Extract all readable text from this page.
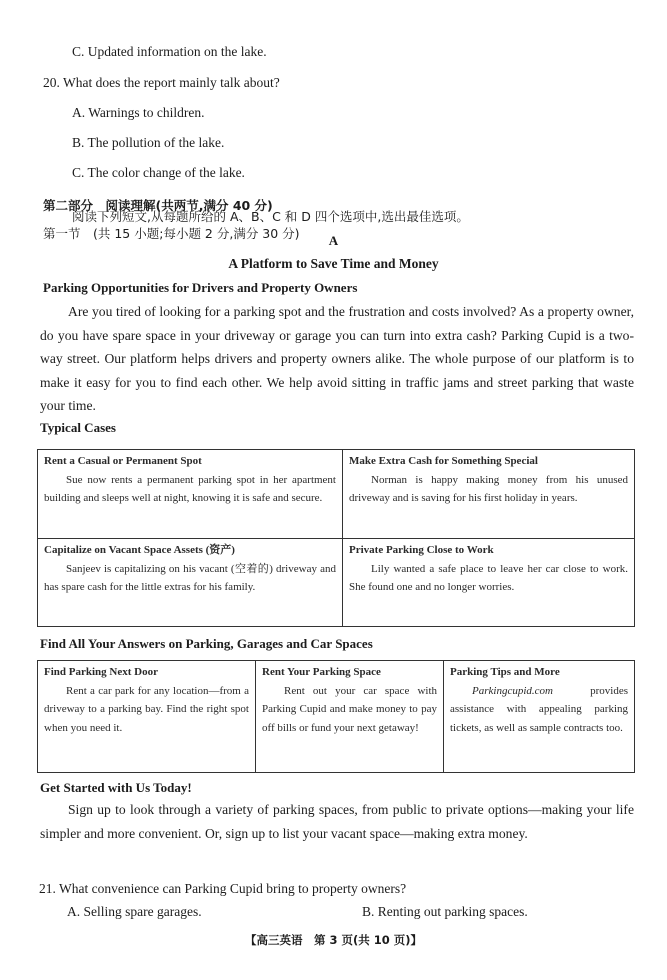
C. Updated information on the lake.
20. What does the report mainly talk about?
A. Warnings to children.
B. The pollution of the lake.
C. The color change of the lake.
第二部分　阅读理解(共两节,满分 40 分)
第一节　(共 15 小题;每小题 2 分,满分 30 分)
阅读下列短文,从每题所给的 A、B、C 和 D 四个选项中,选出最佳选项。
A
A Platform to Save Time and Money
Parking Opportunities for Drivers and Property Owners
Are you tired of looking for a parking spot and the frustration and costs involved? As a property owner, do you have spare space in your driveway or garage you can turn into extra cash? Parking Cupid is a two-way street. Our platform helps drivers and property owners alike. The whole purpose of our platform is to make it easy for you to find each other. We help avoid sitting in traffic jams and street parking that waste your time.
Typical Cases
Rent a Casual or Permanent Spot
Sue now rents a permanent parking spot in her apartment building and sleeps well at night, knowing it is safe and secure.	Make Extra Cash for Something Special
Norman is happy making money from his unused driveway and is saving for his first holiday in years.

Capitalize on Vacant Space Assets (资产)
Sanjeev is capitalizing on his vacant (空着的) driveway and has spare cash for the little extras for his family.	Private Parking Close to Work
Lily wanted a safe place to leave her car close to work. She found one and no longer worries.
Find All Your Answers on Parking, Garages and Car Spaces
Find Parking Next Door
Rent a car park for any location—from a driveway to a parking bay. Find the right spot when you need it.	
Rent Your Parking Space
Rent out your car space with Parking Cupid and make money to pay off bills or fund your next getaway!	
Parking Tips and More
Parkingcupid.com provides assistance with appealing parking tickets, as well as sample contracts too.
Get Started with Us Today!
Sign up to look through a variety of parking spaces, from public to private options—making your life simpler and more convenient. Or, sign up to list your vacant space—making extra money.
21. What convenience can Parking Cupid bring to property owners?
A. Selling spare garages.	B. Renting out parking spaces.
【高三英语　第 3 页(共 10 页)】
